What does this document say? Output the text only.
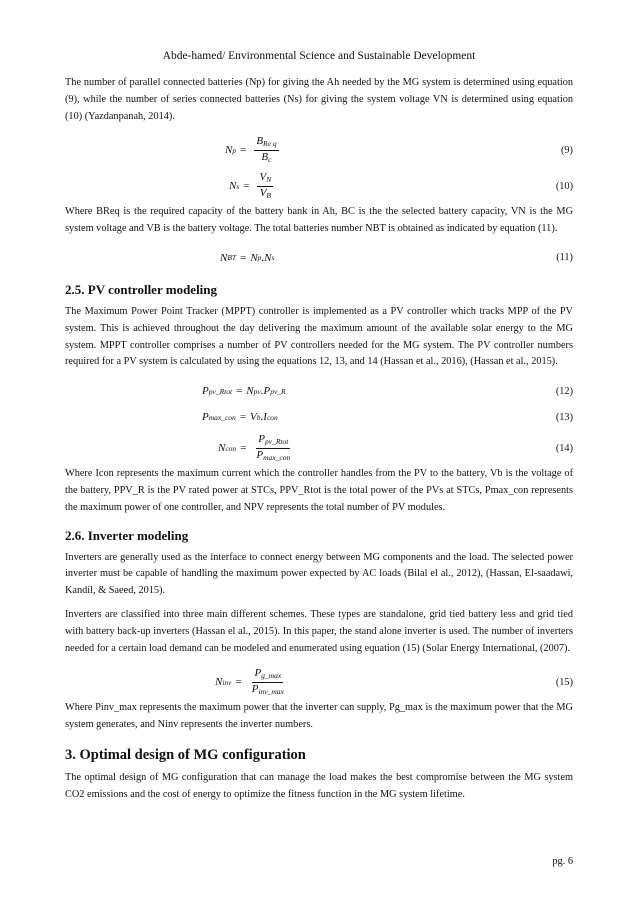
Abde-hamed/ Environmental Science and Sustainable Development

The number of parallel connected batteries (Np) for giving the Ah needed by the MG system is determined using equation (9), while the number of series connected batteries (Ns) for giving the system voltage VN is determined using equation (10) (Yazdanpanah, 2014).

N $p = \frac{B_{Re q}}{B_c}$	(9)
N $s = \frac{V_N}{V_B}$	(10)

Where BReq is the required capacity of the battery bank in Ah, BC is the the selected battery capacity, VN is the MG system voltage and VB is the battery voltage. The total batteries number NBT is obtained as indicated by equation (11).

N BT = N p . N s	(11)
2.5. PV controller modeling

The Maximum Power Point Tracker (MPPT) controller is implemented as a PV controller which tracks MPP of the PV system. This is achieved throughout the day delivering the maximum amount of the available solar energy to the MG system. MPPT controller comprises a number of PV controllers needed for the MG system. The PV controller numbers required for a PV system is calculated by using the equations 12, 13, and 14 (Hassan et al., 2016), (Hassan et al., 2015).

P pv_Rtot = N pv . P pv_R	(12)
P max_con = V b . I con	(13)
N con = $\frac{P_{pv\_Rtot}}{P_{max\_con}}$	(14)

Where Icon represents the maximum current which the controller handles from the PV to the battery, Vb is the voltage of the battery, PPV_R is the PV rated power at STCs, PPV_Rtot is the total power of the PVs at STCs, Pmax_con represents the maximum power of one controller, and NPV represents the total number of PV modules.

2.6. Inverter modeling

Inverters are generally used as the interface to connect energy between MG components and the load. The selected power inverter must be capable of handling the maximum power expected by AC loads (Bilal el al., 2012), (Hassan, El-saadawi, Kandil, & Saeed, 2015).

Inverters are classified into three main different schemes. These types are standalone, grid tied battery less and grid tied with battery back-up inverters (Hassan el al., 2015). In this paper, the stand alone inverter is used. The number of inverters needed for a certain load demand can be modeled and enumerated using equation (15) (Solar Energy International, (2007).

N inv = $\frac{P_{g\_max}}{P_{inv\_max}}$	(15)

Where Pinv_max represents the maximum power that the inverter can supply, Pg_max is the maximum power that the MG system generates, and Ninv represents the inverter numbers.

3. Optimal design of MG configuration

The optimal design of MG configuration that can manage the load makes the best compromise between the MG system CO2 emissions and the cost of energy to optimize the fitness function in the MG system lifetime.

pg. 6
